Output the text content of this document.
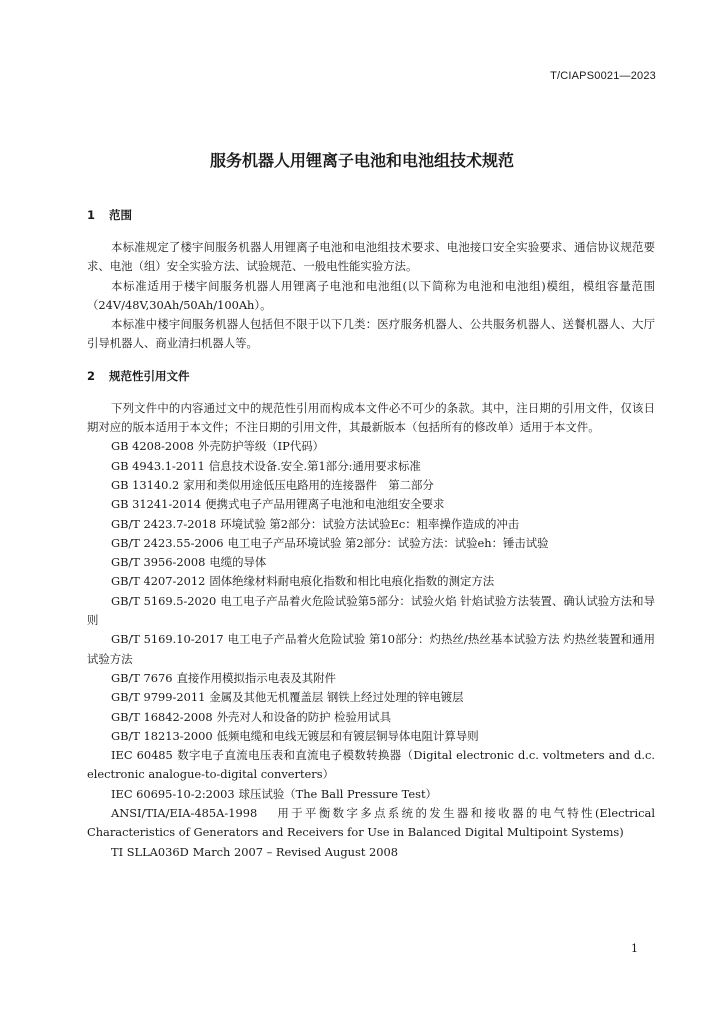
T/CIAPS0021—2023
服务机器人用锂离子电池和电池组技术规范
1 范围

本标准规定了楼宇间服务机器人用锂离子电池和电池组技术要求、电池接口安全实验要求、通信协议规范要求、电池（组）安全实验方法、试验规范、一般电性能实验方法。

本标准适用于楼宇间服务机器人用锂离子电池和电池组(以下简称为电池和电池组)模组，模组容量范围（24V/48V,30Ah/50Ah/100Ah）。

本标准中楼宇间服务机器人包括但不限于以下几类：医疗服务机器人、公共服务机器人、送餐机器人、大厅引导机器人、商业清扫机器人等。

2 规范性引用文件

下列文件中的内容通过文中的规范性引用而构成本文件必不可少的条款。其中，注日期的引用文件，仅该日期对应的版本适用于本文件；不注日期的引用文件，其最新版本（包括所有的修改单）适用于本文件。

GB 4208-2008 外壳防护等级（IP代码）

GB 4943.1-2011 信息技术设备.安全.第1部分:通用要求标准

GB 13140.2 家用和类似用途低压电路用的连接器件　第二部分

GB 31241-2014 便携式电子产品用锂离子电池和电池组安全要求

GB/T 2423.7-2018 环境试验 第2部分：试验方法试验Ec：粗率操作造成的冲击

GB/T 2423.55-2006 电工电子产品环境试验 第2部分：试验方法：试验eh：锤击试验

GB/T 3956-2008 电缆的导体

GB/T 4207-2012 固体绝缘材料耐电痕化指数和相比电痕化指数的测定方法

GB/T 5169.5-2020 电工电子产品着火危险试验第5部分：试验火焰 针焰试验方法装置、确认试验方法和导则

GB/T 5169.10-2017 电工电子产品着火危险试验 第10部分：灼热丝/热丝基本试验方法 灼热丝装置和通用试验方法

GB/T 7676 直接作用模拟指示电表及其附件

GB/T 9799-2011 金属及其他无机覆盖层 钢铁上经过处理的锌电镀层

GB/T 16842-2008 外壳对人和设备的防护 检验用试具

GB/T 18213-2000 低频电缆和电线无镀层和有镀层铜导体电阻计算导则

IEC 60485 数字电子直流电压表和直流电子模数转换器（Digital electronic d.c. voltmeters and d.c. electronic analogue-to-digital converters）

IEC 60695-10-2:2003 球压试验（The Ball Pressure Test）

ANSI/TIA/EIA-485A-1998　用于平衡数字多点系统的发生器和接收器的电气特性(Electrical Characteristics of Generators and Receivers for Use in Balanced Digital Multipoint Systems)

TI SLLA036D March 2007 – Revised August 2008

1
